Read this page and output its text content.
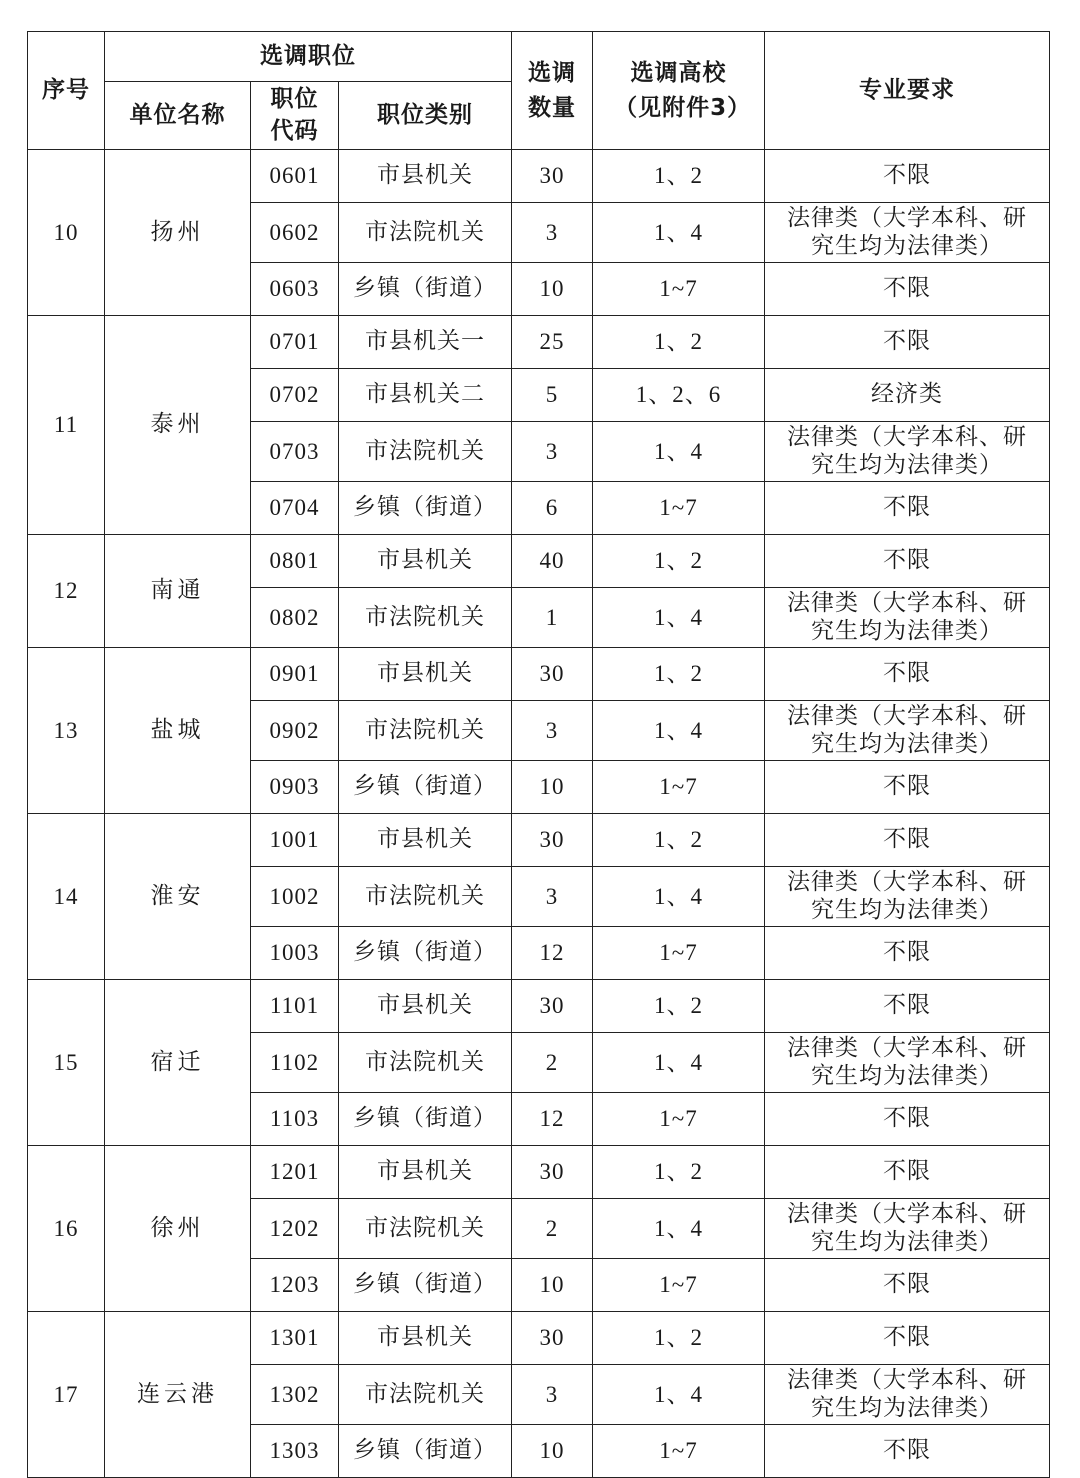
序号	选调职位			选调数量	选调高校（见附件3）	专业要求
	单位名称	职位代码	职位类别			
10	扬州	0601	市县机关	30	1、2	不限

		0602	市法院机关	3	1、4	法律类（大学本科、研究生均为法律类）

		0603	乡镇（街道）	10	1~7	不限

11	泰州	0701	市县机关一	25	1、2	不限

		0702	市县机关二	5	1、2、6	经济类

		0703	市法院机关	3	1、4	法律类（大学本科、研究生均为法律类）

		0704	乡镇（街道）	6	1~7	不限

12	南通	0801	市县机关	40	1、2	不限

		0802	市法院机关	1	1、4	法律类（大学本科、研究生均为法律类）

13	盐城	0901	市县机关	30	1、2	不限

		0902	市法院机关	3	1、4	法律类（大学本科、研究生均为法律类）

		0903	乡镇（街道）	10	1~7	不限

14	淮安	1001	市县机关	30	1、2	不限

		1002	市法院机关	3	1、4	法律类（大学本科、研究生均为法律类）

		1003	乡镇（街道）	12	1~7	不限

15	宿迁	1101	市县机关	30	1、2	不限

		1102	市法院机关	2	1、4	法律类（大学本科、研究生均为法律类）

		1103	乡镇（街道）	12	1~7	不限

16	徐州	1201	市县机关	30	1、2	不限

		1202	市法院机关	2	1、4	法律类（大学本科、研究生均为法律类）

		1203	乡镇（街道）	10	1~7	不限

17	连云港	1301	市县机关	30	1、2	不限

		1302	市法院机关	3	1、4	法律类（大学本科、研究生均为法律类）

		1303	乡镇（街道）	10	1~7	不限
